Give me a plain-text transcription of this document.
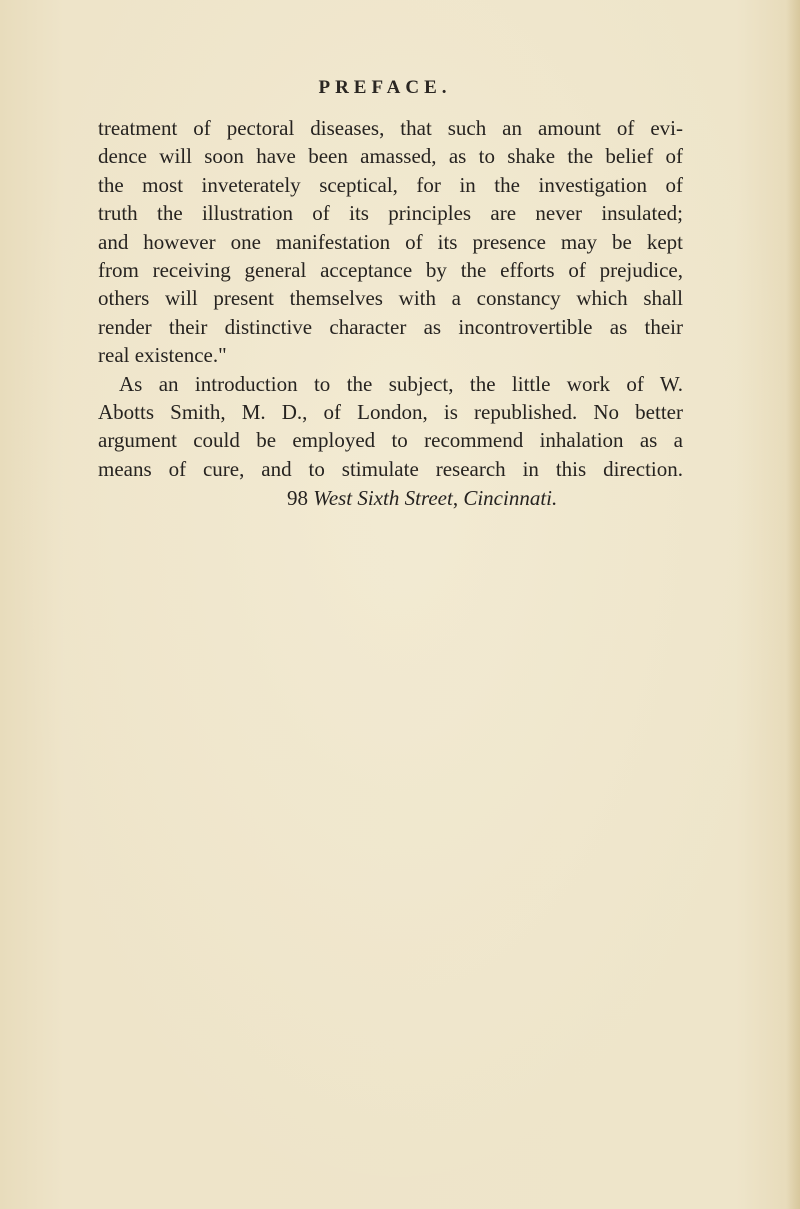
PREFACE.
treatment of pectoral diseases, that such an amount of evi-
dence will soon have been amassed, as to shake the belief of
the most inveterately sceptical, for in the investigation of
truth the illustration of its principles are never insulated;
and however one manifestation of its presence may be kept
from receiving general acceptance by the efforts of prejudice,
others will present themselves with a constancy which shall
render their distinctive character as incontrovertible as their
real existence."
As an introduction to the subject, the little work of W.
Abotts Smith, M. D., of London, is republished. No better
argument could be employed to recommend inhalation as a
means of cure, and to stimulate research in this direction.
98 West Sixth Street, Cincinnati.
